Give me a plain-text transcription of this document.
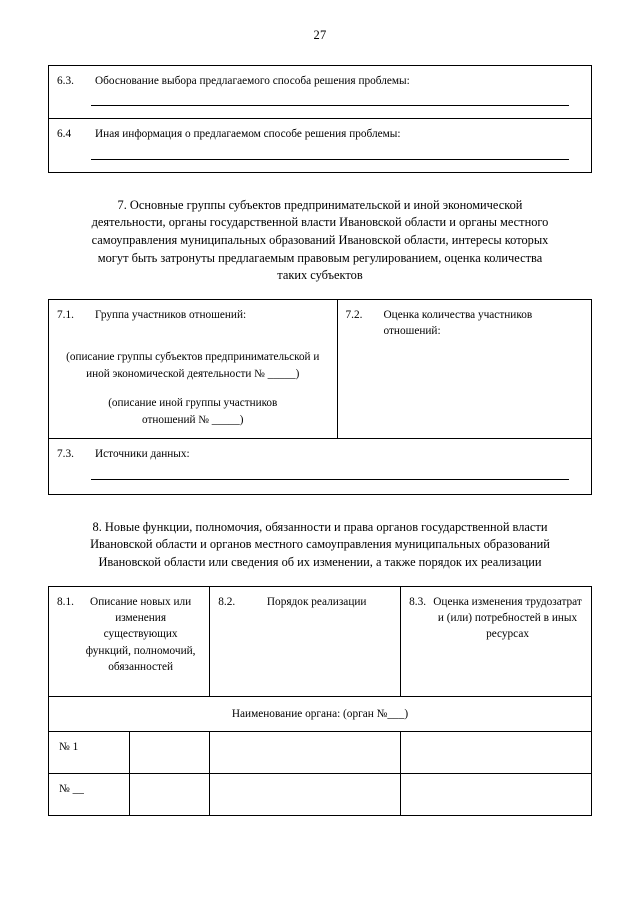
27
6.3.	Обоснование выбора предлагаемого способа решения проблемы:

6.4	Иная информация о предлагаемом способе решения проблемы:
7. Основные группы субъектов предпринимательской и иной экономической деятельности, органы государственной власти Ивановской области и органы местного самоуправления муниципальных образований Ивановской области, интересы которых могут быть затронуты предлагаемым правовым регулированием, оценка количества таких субъектов
7.1.	Группа участников отношений:
(описание группы субъектов предпринимательской и иной экономической деятельности № _____)
(описание иной группы участников отношений № _____)

7.2.	Оценка количества участников отношений:

7.3.	Источники данных:
8. Новые функции, полномочия, обязанности и права органов государственной власти Ивановской области и органов местного самоуправления муниципальных образований Ивановской области или сведения об их изменении, а также порядок их реализации
8.1. Описание новых или изменения существующих функций, полномочий, обязанностей		8.2. Порядок реализации	8.3. Оценка изменения трудозатрат и (или) потребностей в иных ресурсах

Наименование органа: (орган №___)			
№ 1			
№ __			
